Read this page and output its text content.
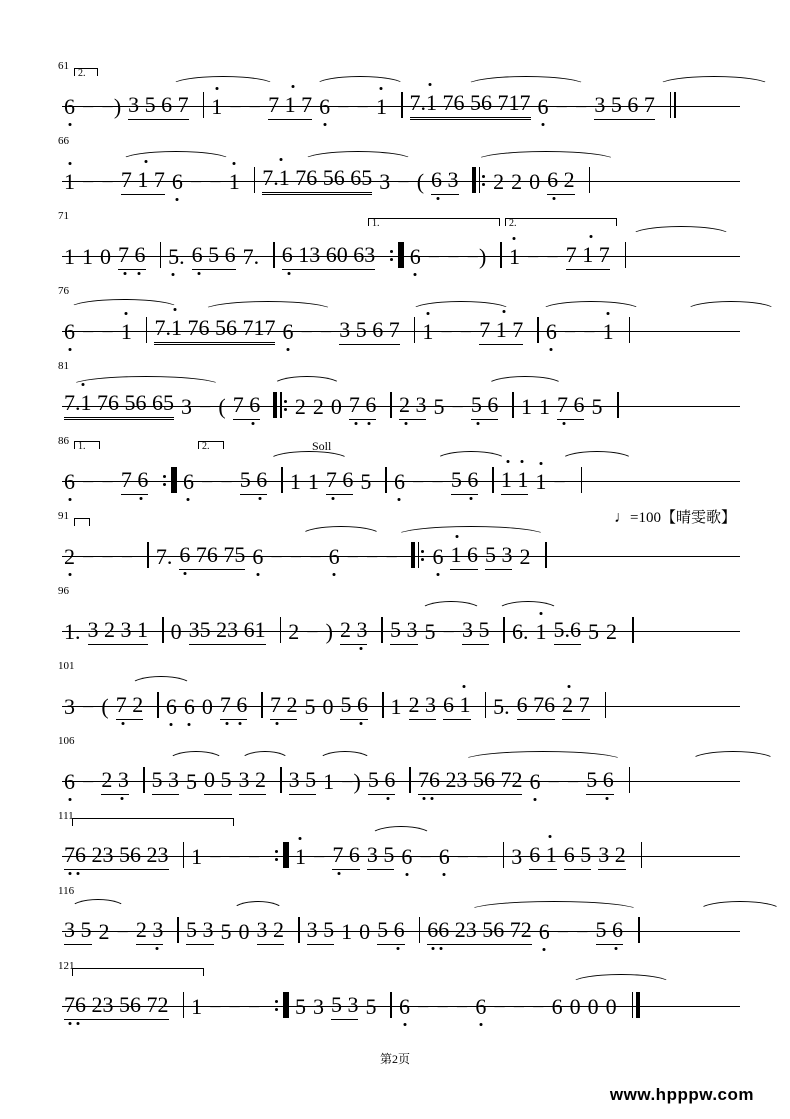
61
2.
6 − −) 3 5 6 7 1 − − 7 1 7 6 − − 1 7.1 76 56 717 6 − − 3 5 6 7
66
1 − − 7 1 7 6 − − 1 7.1 76 56 65 3 − ( 6 3 2 2 0 6 2
71
1.	2.
1 1 0 7 6 5. 6 5 6 7. 6 13 60 63 6 − − −) 1 − − 7 1 7
76
6 − − 1 7.1 76 56 717 6 − − 3 5 6 7 1 − − 7 1 7 6 − − 1
81
7.1 76 56 65 3 − ( 7 6 2 2 0 7 6 2 3 5 − 5 6 1 1 7 6 5
86 1.	2.	Soll
6 − − 7 6 6 − − 5 6 1 1 7 6 5 6 − − 5 6 1 1 1 −
91	♩=100【晴雯歌】
2 − − − 7. 6 76 75 6 − − − 6 − − − 6 1 6 5 3 2
96
1. 3 2 3 1 0 35 23 61 2 − ) 2 3 5 3 5 − 3 5 6. 1 5.6 5 2
101
3 − ( 7 2 6 6 0 7 6 7 2 5 0 5 6 1 2 3 6 1 5. 6 76 2 7
106
6 − 2 3 5 3 5 0 5 3 2 3 5 1 −) 5 6 76 23 56 72 6 − − 5 6
111
76 23 56 23 1 − − − 1 − 7 6 3 5 6 − 6 − − 3 6 1 6 5 3 2
116
3 5 2 − 2 3 5 3 5 0 3 2 3 5 1 0 5 6 66 23 56 72 6 − − 5 6
121
76 23 56 72 1 − − − 5 3 5 3 5 6 − − − 6 − − − 6 0 0 0
第2页
www.hpppw.com
